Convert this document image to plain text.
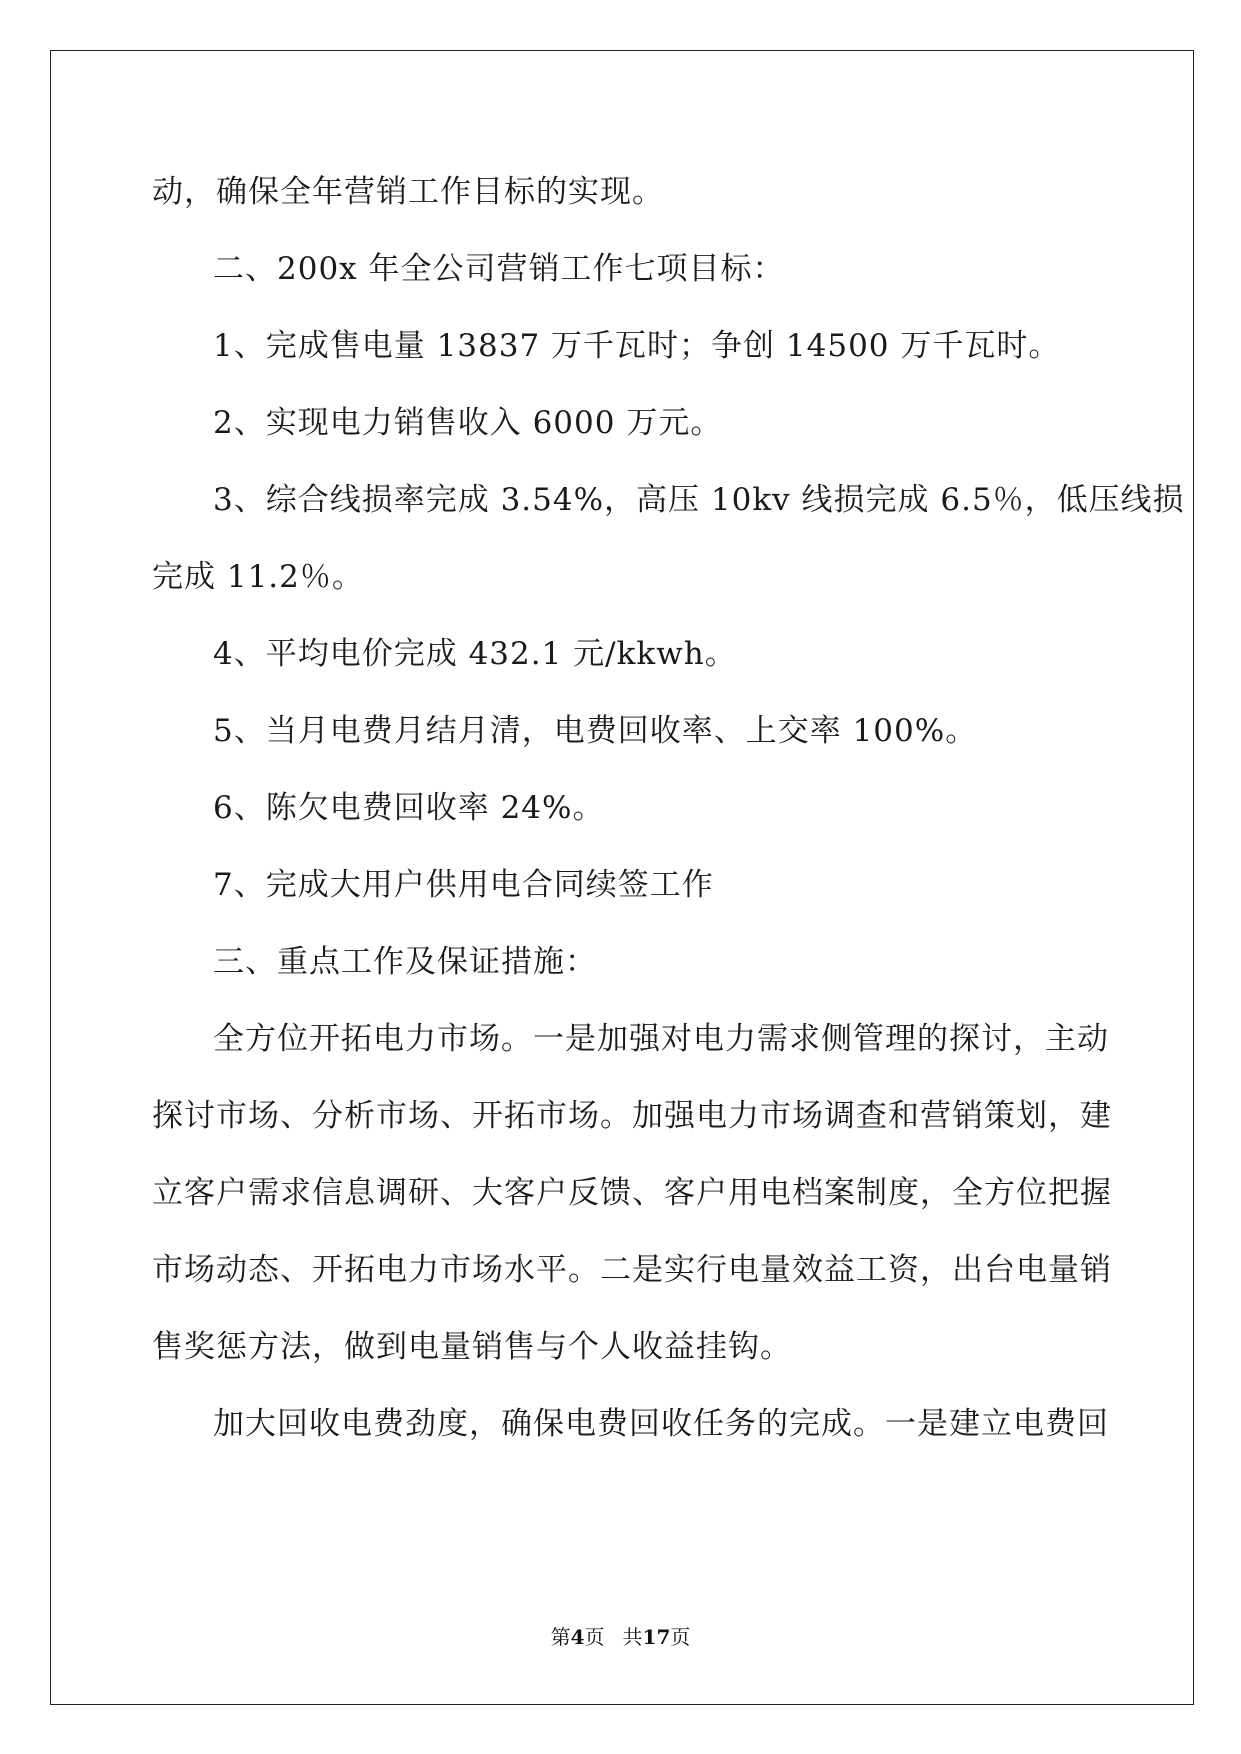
动，确保全年营销工作目标的实现。
二、200x 年全公司营销工作七项目标：
1、完成售电量 13837 万千瓦时；争创 14500 万千瓦时。
2、实现电力销售收入 6000 万元。
3、综合线损率完成 3.54%，高压 10kv 线损完成 6.5％，低压线损
完成 11.2％。
4、平均电价完成 432.1 元/kkwh。
5、当月电费月结月清，电费回收率、上交率 100%。
6、陈欠电费回收率 24%。
7、完成大用户供用电合同续签工作
三、重点工作及保证措施：
全方位开拓电力市场。一是加强对电力需求侧管理的探讨，主动
探讨市场、分析市场、开拓市场。加强电力市场调查和营销策划，建
立客户需求信息调研、大客户反馈、客户用电档案制度，全方位把握
市场动态、开拓电力市场水平。二是实行电量效益工资，出台电量销
售奖惩方法，做到电量销售与个人收益挂钩。
加大回收电费劲度，确保电费回收任务的完成。一是建立电费回
第4页 共17页
